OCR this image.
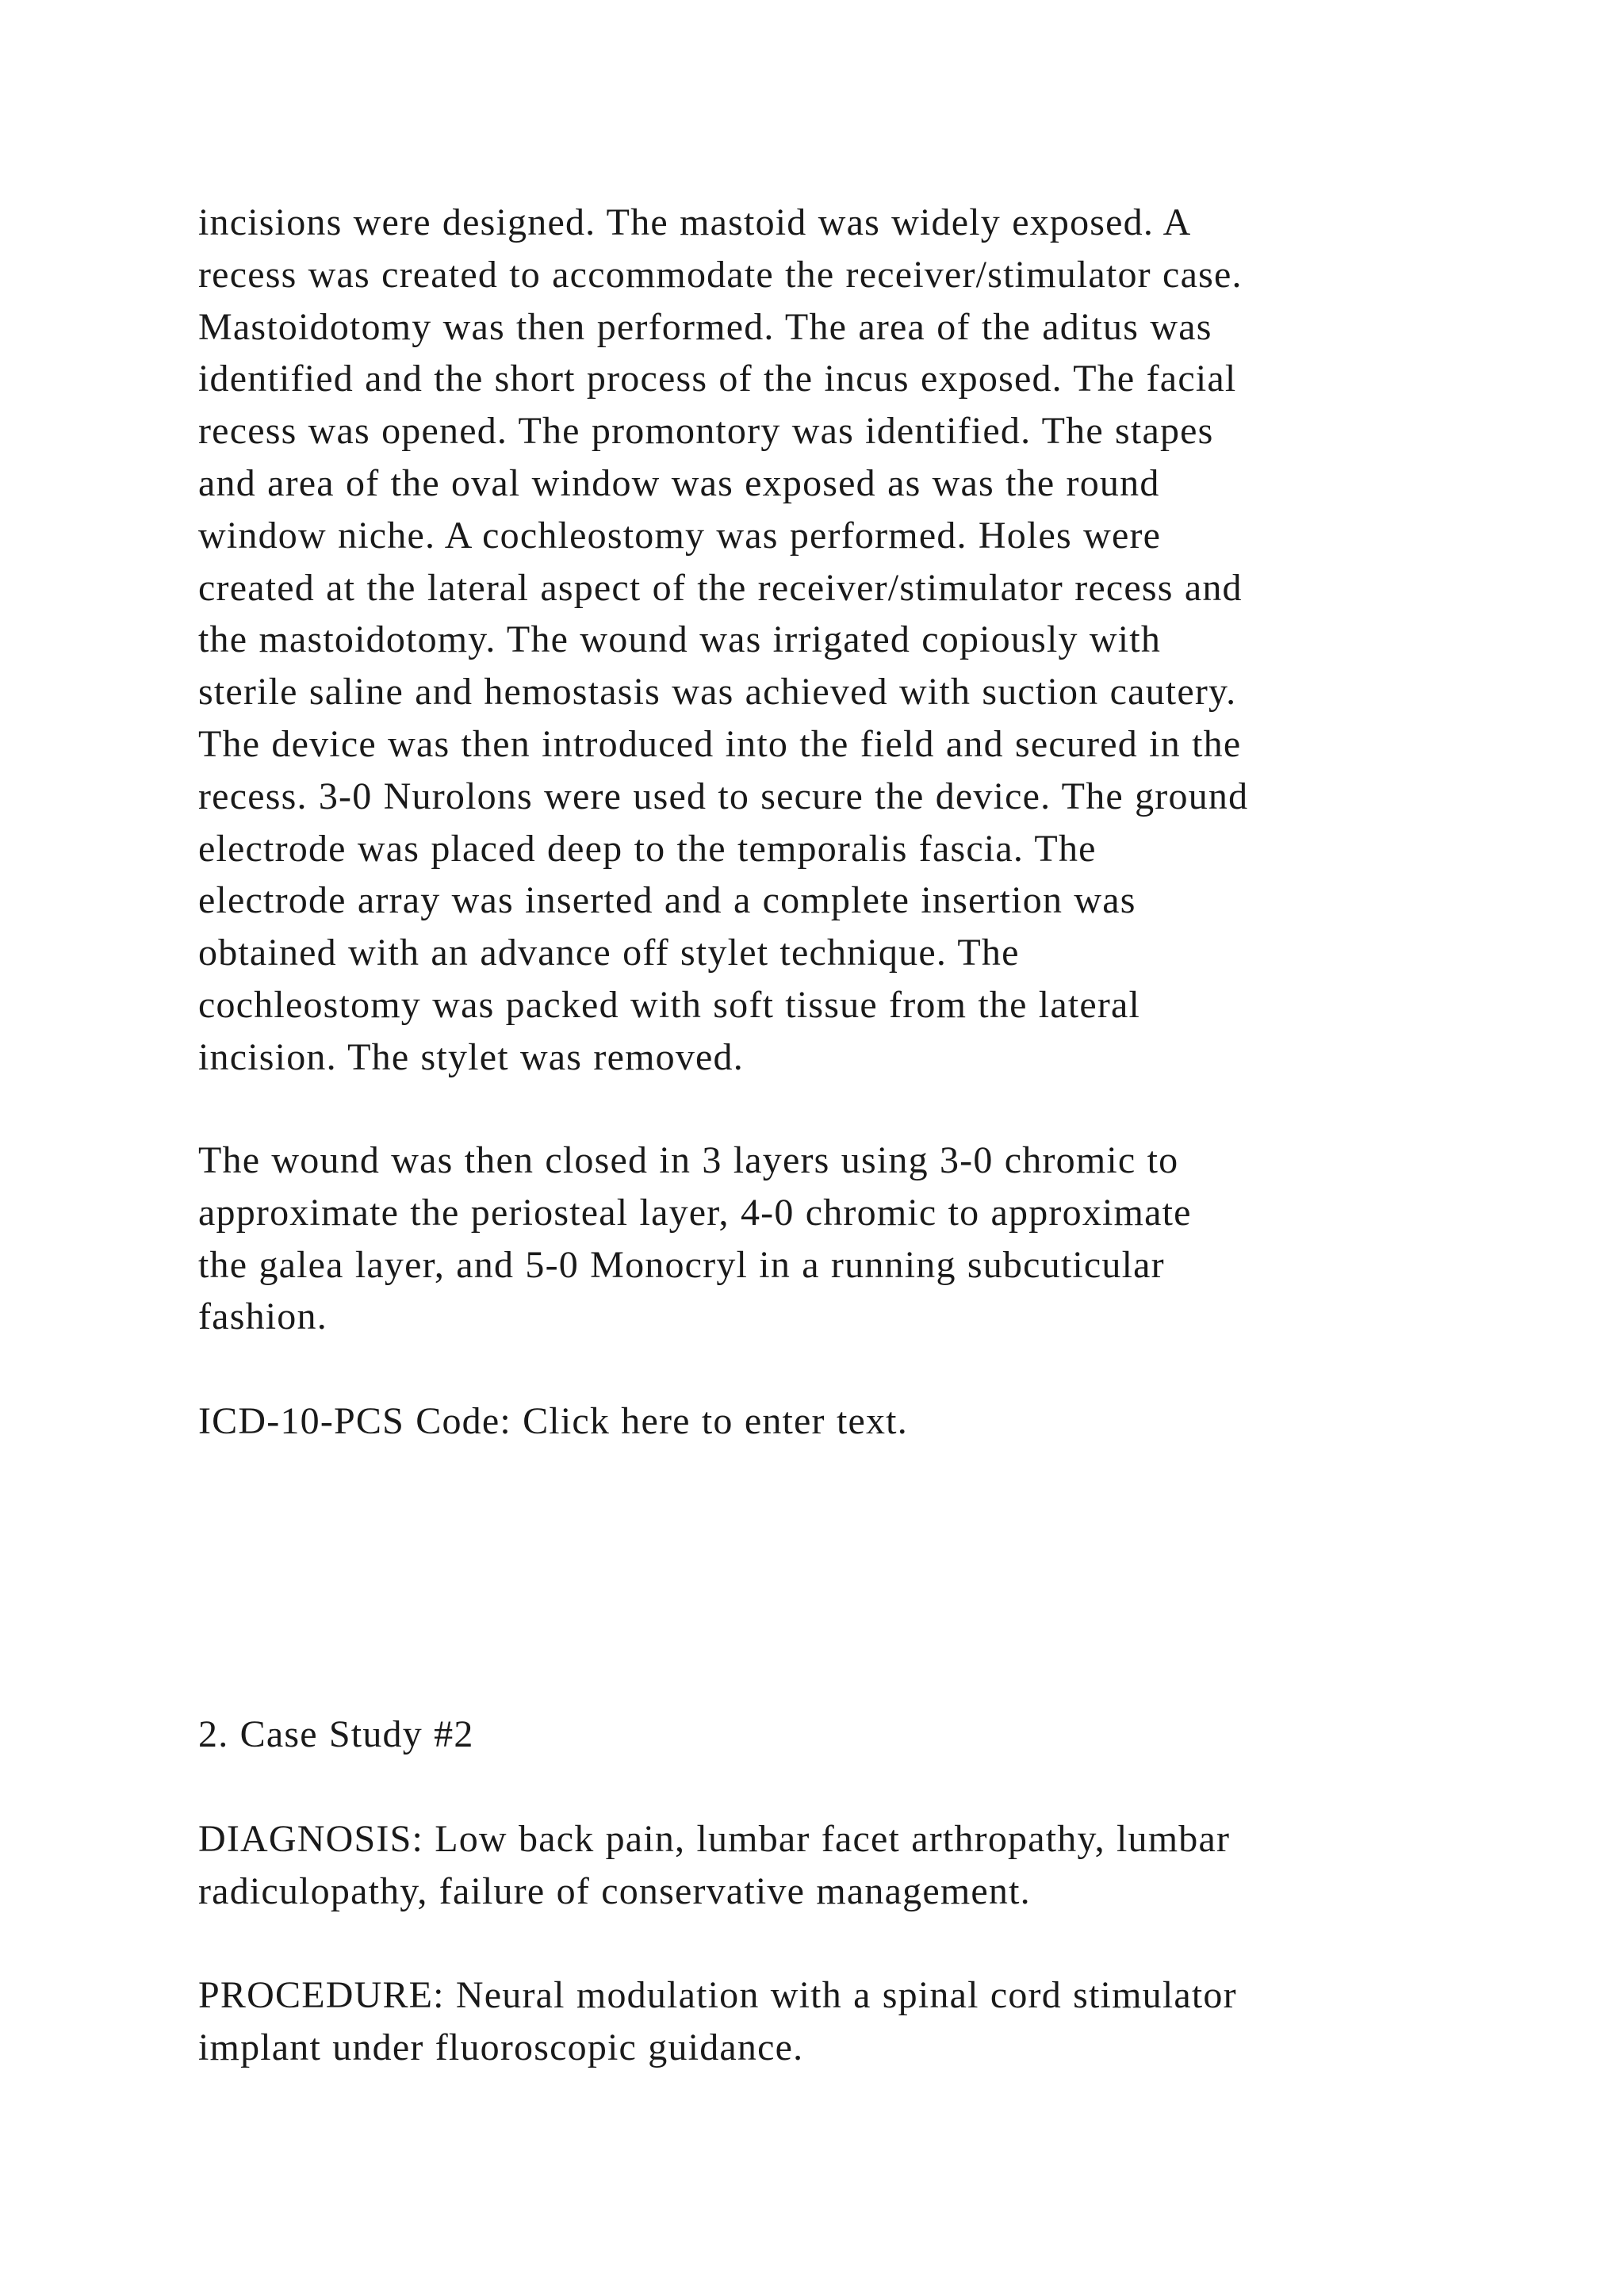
incisions were designed. The mastoid was widely exposed. A
recess was created to accommodate the receiver/stimulator case.
Mastoidotomy was then performed. The area of the aditus was
identified and the short process of the incus exposed. The facial
recess was opened. The promontory was identified. The stapes
and area of the oval window was exposed as was the round
window niche. A cochleostomy was performed. Holes were
created at the lateral aspect of the receiver/stimulator recess and
the mastoidotomy. The wound was irrigated copiously with
sterile saline and hemostasis was achieved with suction cautery.
The device was then introduced into the field and secured in the
recess. 3-0 Nurolons were used to secure the device. The ground
electrode was placed deep to the temporalis fascia. The
electrode array was inserted and a complete insertion was
obtained with an advance off stylet technique. The
cochleostomy was packed with soft tissue from the lateral
incision. The stylet was removed.
The wound was then closed in 3 layers using 3-0 chromic to
approximate the periosteal layer, 4-0 chromic to approximate
the galea layer, and 5-0 Monocryl in a running subcuticular
fashion.
ICD-10-PCS Code: Click here to enter text.
2. Case Study #2
DIAGNOSIS: Low back pain, lumbar facet arthropathy, lumbar
radiculopathy, failure of conservative management.
PROCEDURE: Neural modulation with a spinal cord stimulator
implant under fluoroscopic guidance.
